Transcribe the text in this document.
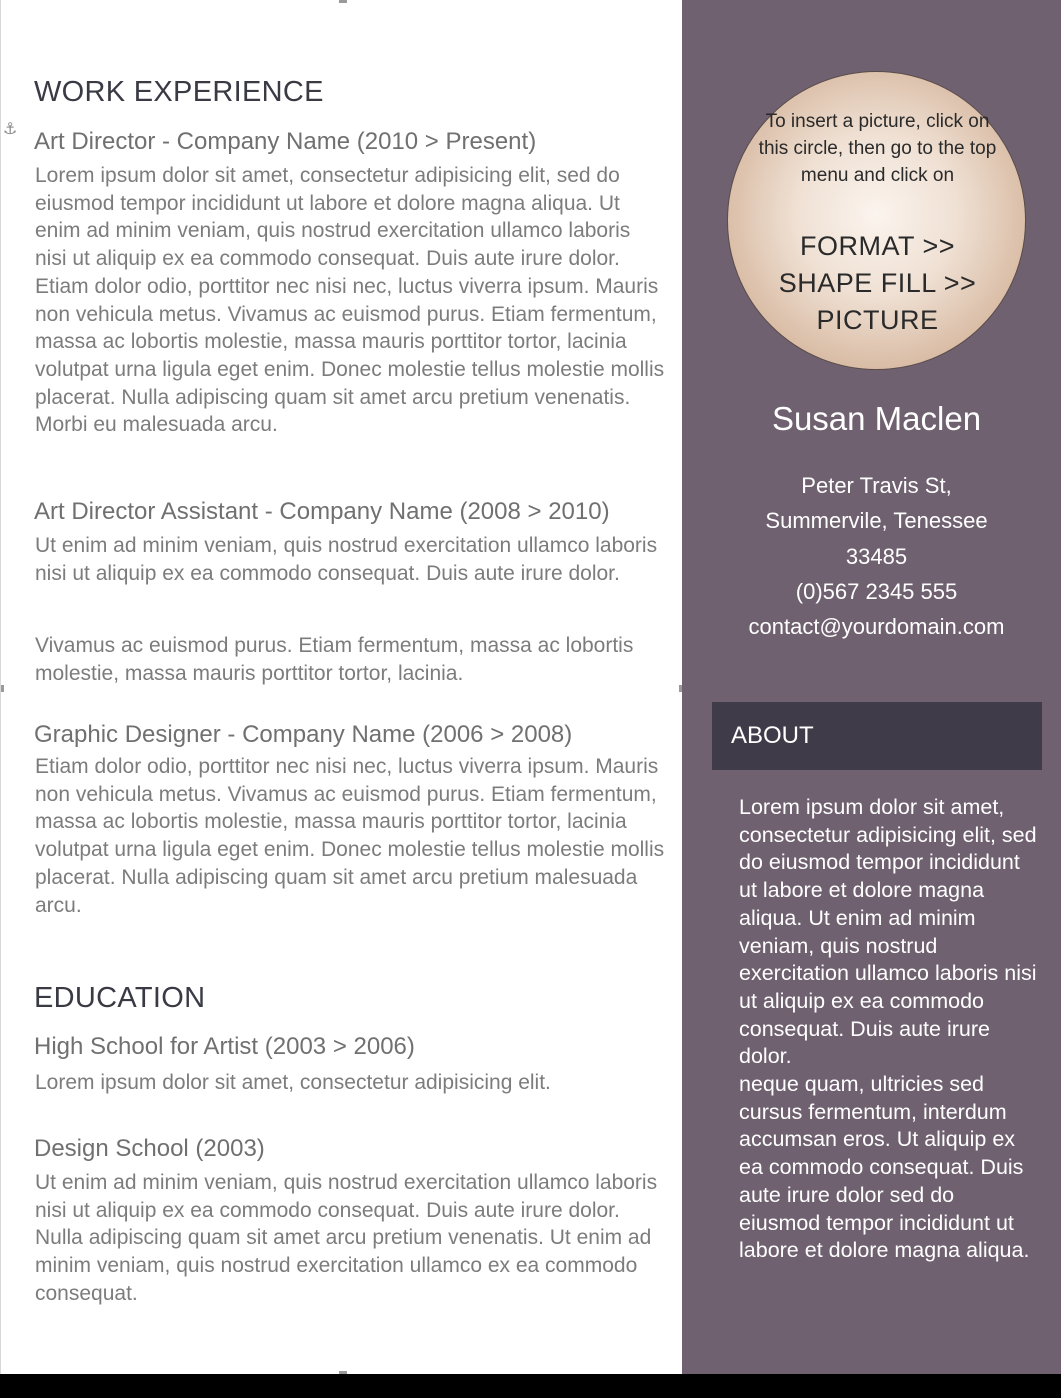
⚓
WORK EXPERIENCE
Art Director - Company Name (2010 > Present)

Lorem ipsum dolor sit amet, consectetur adipisicing elit, sed do eiusmod tempor incididunt ut labore et dolore magna aliqua. Ut enim ad minim veniam, quis nostrud exercitation ullamco laboris nisi ut aliquip ex ea commodo consequat. Duis aute irure dolor. Etiam dolor odio, porttitor nec nisi nec, luctus viverra ipsum. Mauris non vehicula metus. Vivamus ac euismod purus. Etiam fermentum, massa ac lobortis molestie, massa mauris porttitor tortor, lacinia volutpat urna ligula eget enim. Donec molestie tellus molestie mollis placerat. Nulla adipiscing quam sit amet arcu pretium venenatis. Morbi eu malesuada arcu.

Art Director Assistant - Company Name (2008 > 2010)

Ut enim ad minim veniam, quis nostrud exercitation ullamco laboris nisi ut aliquip ex ea commodo consequat. Duis aute irure dolor.

Vivamus ac euismod purus. Etiam fermentum, massa ac lobortis molestie, massa mauris porttitor tortor, lacinia.

Graphic Designer - Company Name (2006 > 2008)

Etiam dolor odio, porttitor nec nisi nec, luctus viverra ipsum. Mauris non vehicula metus. Vivamus ac euismod purus. Etiam fermentum, massa ac lobortis molestie, massa mauris porttitor tortor, lacinia volutpat urna ligula eget enim. Donec molestie tellus molestie mollis placerat. Nulla adipiscing quam sit amet arcu pretium malesuada arcu.

EDUCATION
High School for Artist (2003 > 2006)

Lorem ipsum dolor sit amet, consectetur adipisicing elit.

Design School (2003)

Ut enim ad minim veniam, quis nostrud exercitation ullamco laboris nisi ut aliquip ex ea commodo consequat. Duis aute irure dolor. Nulla adipiscing quam sit amet arcu pretium venenatis. Ut enim ad minim veniam, quis nostrud exercitation ullamco ex ea commodo consequat.

To insert a picture, click on this circle, then go to the top menu and click on
FORMAT >>
SHAPE FILL >>
PICTURE
Susan Maclen
Peter Travis St,
Summervile, Tenessee
33485
(0)567 2345 555
contact@yourdomain.com
ABOUT
Lorem ipsum dolor sit amet, consectetur adipisicing elit, sed do eiusmod tempor incididunt ut labore et dolore magna aliqua. Ut enim ad minim veniam, quis nostrud exercitation ullamco laboris nisi ut aliquip ex ea commodo consequat. Duis aute irure dolor.
neque quam, ultricies sed cursus fermentum, interdum accumsan eros. Ut aliquip ex ea commodo consequat. Duis aute irure dolor sed do eiusmod tempor incididunt ut labore et dolore magna aliqua.
